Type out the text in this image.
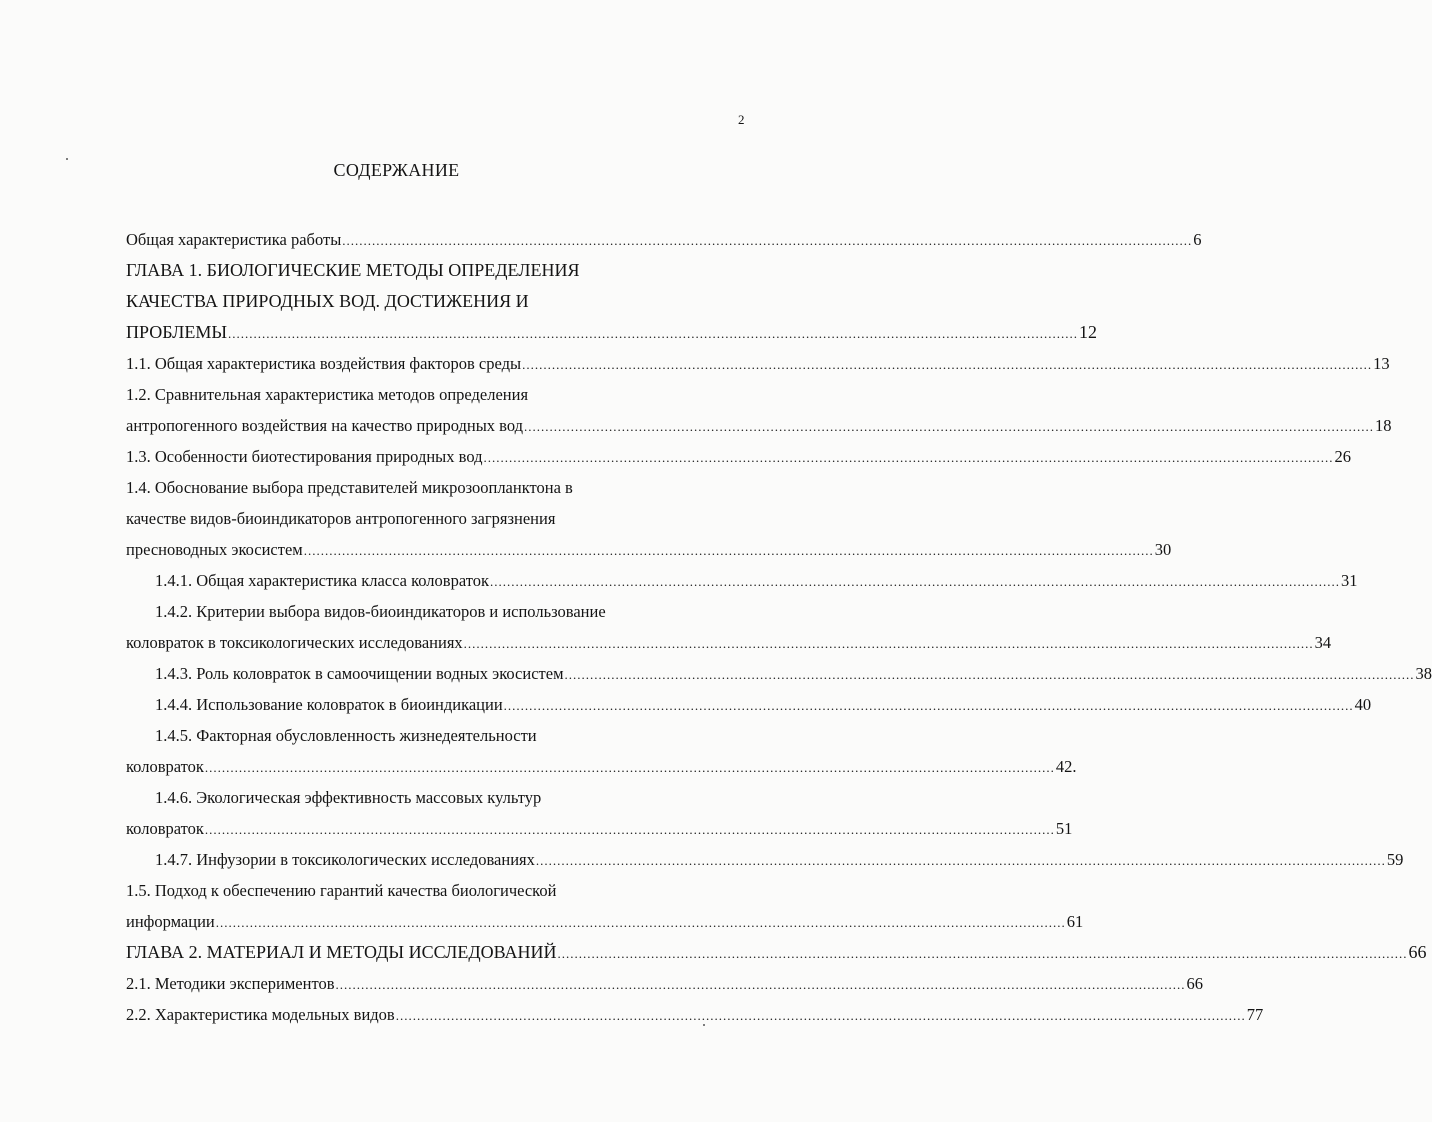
2
СОДЕРЖАНИЕ
Общая характеристика работы ........................................................................................................................................................................................................ 6
ГЛАВА 1. БИОЛОГИЧЕСКИЕ МЕТОДЫ ОПРЕДЕЛЕНИЯ
КАЧЕСТВА ПРИРОДНЫХ ВОД. ДОСТИЖЕНИЯ И
ПРОБЛЕМЫ ........................................................................................................................................................................................................ 12
1.1. Общая характеристика воздействия факторов среды ........................................................................................................................................................................................................ 13
1.2. Сравнительная характеристика методов определения
антропогенного воздействия на качество природных вод ........................................................................................................................................................................................................ 18
1.3. Особенности биотестирования природных вод ........................................................................................................................................................................................................ 26
1.4. Обоснование выбора представителей микрозоопланктона в
качестве видов-биоиндикаторов антропогенного загрязнения
пресноводных экосистем ........................................................................................................................................................................................................ 30
1.4.1. Общая характеристика класса коловраток ........................................................................................................................................................................................................ 31
1.4.2. Критерии выбора видов-биоиндикаторов и использование
коловраток в токсикологических исследованиях ........................................................................................................................................................................................................ 34
1.4.3. Роль коловраток в самоочищении водных экосистем ........................................................................................................................................................................................................ 38
1.4.4. Использование коловраток в биоиндикации ........................................................................................................................................................................................................ 40
1.4.5. Факторная обусловленность жизнедеятельности
коловраток ........................................................................................................................................................................................................ 42.
1.4.6. Экологическая эффективность массовых культур
коловраток ........................................................................................................................................................................................................ 51
1.4.7. Инфузории в токсикологических исследованиях ........................................................................................................................................................................................................ 59
1.5. Подход к обеспечению гарантий качества биологической
информации ........................................................................................................................................................................................................ 61
ГЛАВА 2. МАТЕРИАЛ И МЕТОДЫ ИССЛЕДОВАНИЙ ........................................................................................................................................................................................................ 66
2.1. Методики экспериментов ........................................................................................................................................................................................................ 66
2.2. Характеристика модельных видов ........................................................................................................................................................................................................ 77
